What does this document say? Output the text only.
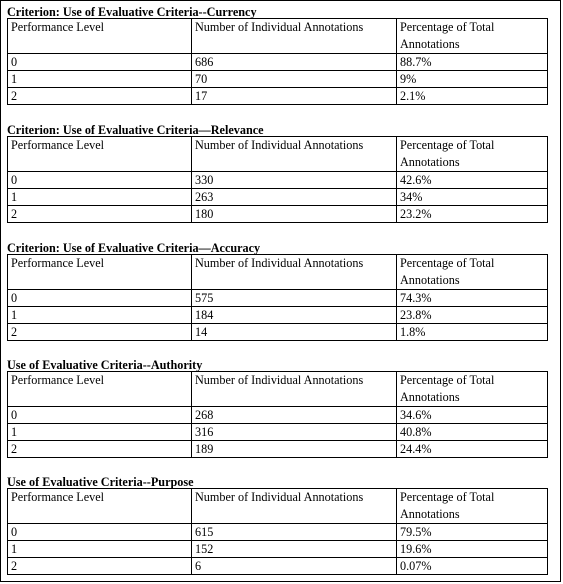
Criterion: Use of Evaluative Criteria--Currency
Performance Level	Number of Individual Annotations	Percentage of Total Annotations
0	686	88.7%
1	70	9%
2	17	2.1%
Criterion: Use of Evaluative Criteria—Relevance
Performance Level	Number of Individual Annotations	Percentage of Total Annotations
0	330	42.6%
1	263	34%
2	180	23.2%
Criterion: Use of Evaluative Criteria—Accuracy
Performance Level	Number of Individual Annotations	Percentage of Total Annotations
0	575	74.3%
1	184	23.8%
2	14	1.8%
Use of Evaluative Criteria--Authority
Performance Level	Number of Individual Annotations	Percentage of Total Annotations
0	268	34.6%
1	316	40.8%
2	189	24.4%
Use of Evaluative Criteria--Purpose
Performance Level	Number of Individual Annotations	Percentage of Total Annotations
0	615	79.5%
1	152	19.6%
2	6	0.07%
